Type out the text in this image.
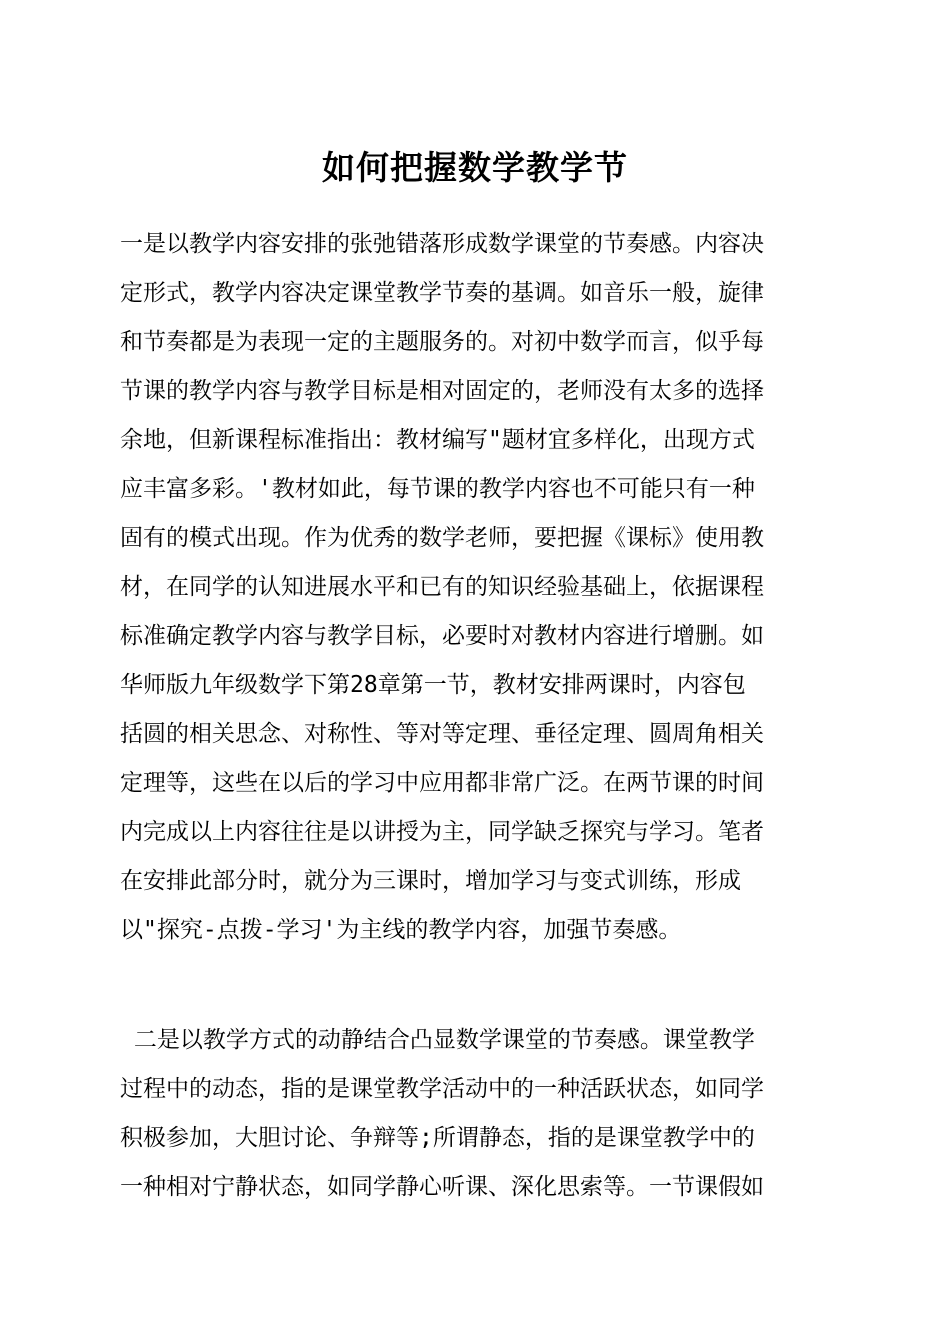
如何把握数学教学节

一是以教学内容安排的张弛错落形成数学课堂的节奏感。内容决

定形式，教学内容决定课堂教学节奏的基调。如音乐一般，旋律

和节奏都是为表现一定的主题服务的。对初中数学而言，似乎每

节课的教学内容与教学目标是相对固定的，老师没有太多的选择

余地，但新课程标准指出：教材编写"题材宜多样化，出现方式

应丰富多彩。'教材如此，每节课的教学内容也不可能只有一种

固有的模式出现。作为优秀的数学老师，要把握《课标》使用教

材，在同学的认知进展水平和已有的知识经验基础上，依据课程

标准确定教学内容与教学目标，必要时对教材内容进行增删。如

华师版九年级数学下第28章第一节，教材安排两课时，内容包

括圆的相关思念、对称性、等对等定理、垂径定理、圆周角相关

定理等，这些在以后的学习中应用都非常广泛。在两节课的时间

内完成以上内容往往是以讲授为主，同学缺乏探究与学习。笔者

在安排此部分时，就分为三课时，增加学习与变式训练，形成

以"探究-点拨-学习'为主线的教学内容，加强节奏感。

二是以教学方式的动静结合凸显数学课堂的节奏感。课堂教学

过程中的动态，指的是课堂教学活动中的一种活跃状态，如同学

积极参加，大胆讨论、争辩等;所谓静态，指的是课堂教学中的

一种相对宁静状态，如同学静心听课、深化思索等。一节课假如
